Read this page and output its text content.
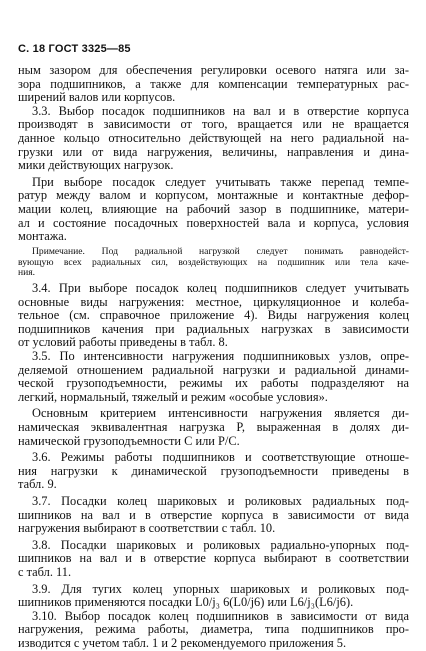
С. 18 ГОСТ 3325—85
ным зазором для обеспечения регулировки осевого натяга или за-
зора подшипников, а также для компенсации температурных рас-
ширений валов или корпусов.
3.3. Выбор посадок подшипников на вал и в отверстие корпуса
производят в зависимости от того, вращается или не вращается
данное кольцо относительно действующей на него радиальной на-
грузки или от вида нагружения, величины, направления и дина-
мики действующих нагрузок.
При выборе посадок следует учитывать также перепад темпе-
ратур между валом и корпусом, монтажные и контактные дефор-
мации колец, влияющие на рабочий зазор в подшипнике, матери-
ал и состояние посадочных поверхностей вала и корпуса, условия
монтажа.
Примечание. Под радиальной нагрузкой следует понимать равнодейст-
вующую всех радиальных сил, воздействующих на подшипник или тела каче-
ния.
3.4. При выборе посадок колец подшипников следует учитывать
основные виды нагружения: местное, циркуляционное и колеба-
тельное (см. справочное приложение 4). Виды нагружения колец
подшипников качения при радиальных нагрузках в зависимости
от условий работы приведены в табл. 8.
3.5. По интенсивности нагружения подшипниковых узлов, опре-
деляемой отношением радиальной нагрузки и радиальной динами-
ческой грузоподъемности, режимы их работы подразделяют на
легкий, нормальный, тяжелый и режим «особые условия».
Основным критерием интенсивности нагружения является ди-
намическая эквивалентная нагрузка P, выраженная в долях ди-
намической грузоподъемности C или P/C.
3.6. Режимы работы подшипников и соответствующие отноше-
ния нагрузки к динамической грузоподъемности приведены в
табл. 9.
3.7. Посадки колец шариковых и роликовых радиальных под-
шипников на вал и в отверстие корпуса в зависимости от вида
нагружения выбирают в соответствии с табл. 10.
3.8. Посадки шариковых и роликовых радиально-упорных под-
шипников на вал и в отверстие корпуса выбирают в соответствии
с табл. 11.
3.9. Для тугих колец упорных шариковых и роликовых под-
шипников применяются посадки L0/j₃ 6(L0/j6) или L6/j₃(L6/j6).
3.10. Выбор посадок колец подшипников в зависимости от вида
нагружения, режима работы, диаметра, типа подшипников про-
изводится с учетом табл. 1 и 2 рекомендуемого приложения 5.
